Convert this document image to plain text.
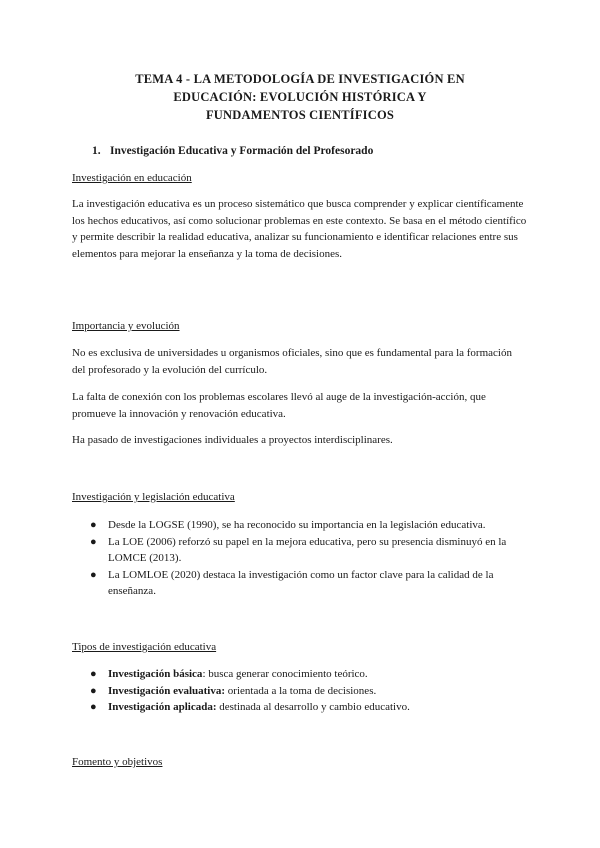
TEMA 4 - LA METODOLOGÍA DE INVESTIGACIÓN EN
EDUCACIÓN: EVOLUCIÓN HISTÓRICA Y
FUNDAMENTOS CIENTÍFICOS
1. Investigación Educativa y Formación del Profesorado
Investigación en educación

La investigación educativa es un proceso sistemático que busca comprender y explicar científicamente los hechos educativos, así como solucionar problemas en este contexto. Se basa en el método científico y permite describir la realidad educativa, analizar su funcionamiento e identificar relaciones entre sus elementos para mejorar la enseñanza y la toma de decisiones.

Importancia y evolución

No es exclusiva de universidades u organismos oficiales, sino que es fundamental para la formación del profesorado y la evolución del currículo.

La falta de conexión con los problemas escolares llevó al auge de la investigación-acción, que promueve la innovación y renovación educativa.

Ha pasado de investigaciones individuales a proyectos interdisciplinares.

Investigación y legislación educativa
● Desde la LOGSE (1990), se ha reconocido su importancia en la legislación educativa.
● La LOE (2006) reforzó su papel en la mejora educativa, pero su presencia disminuyó en la LOMCE (2013).
● La LOMLOE (2020) destaca la investigación como un factor clave para la calidad de la enseñanza.
Tipos de investigación educativa
● Investigación básica: busca generar conocimiento teórico.
● Investigación evaluativa: orientada a la toma de decisiones.
● Investigación aplicada: destinada al desarrollo y cambio educativo.
Fomento y objetivos
